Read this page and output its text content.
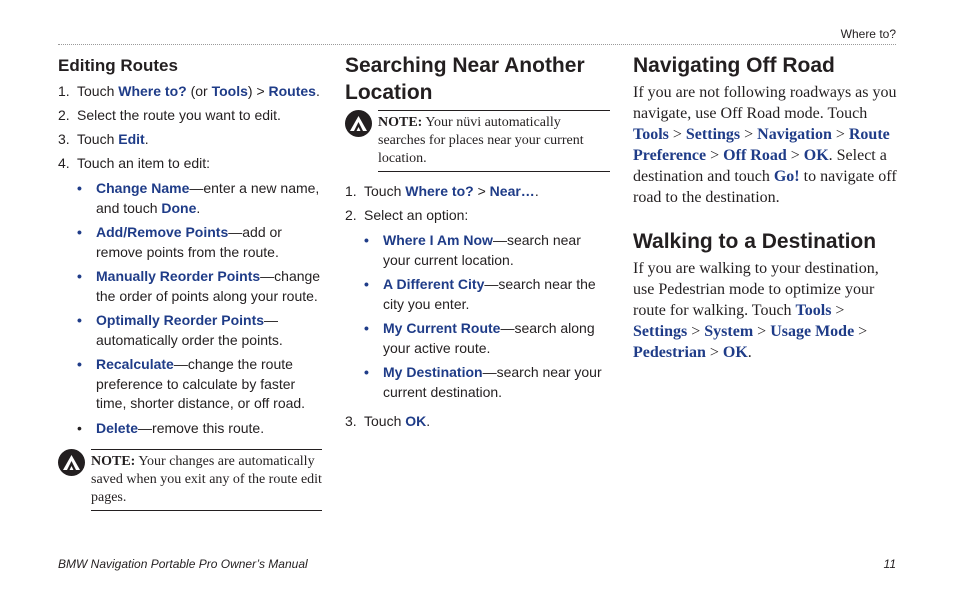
Where to?
Editing Routes
1. Touch Where to? (or Tools) > Routes.
2. Select the route you want to edit.
3. Touch Edit.
4. Touch an item to edit:
•	Change Name—enter a new name, and touch Done.
•	Add/Remove Points—add or remove points from the route.
•	Manually Reorder Points—change the order of points along your route.
•	Optimally Reorder Points—automatically order the points.
•	Recalculate—change the route preference to calculate by faster time, shorter distance, or off road.
•	Delete—remove this route.
NOTE: Your changes are automatically saved when you exit any of the route edit pages.
Searching Near Another Location
NOTE: Your nüvi automatically searches for places near your current location.
1. Touch Where to? > Near….
2. Select an option:
•	Where I Am Now—search near your current location.
•	A Different City—search near the city you enter.
•	My Current Route—search along your active route.
•	My Destination—search near your current destination.
3. Touch OK.
Navigating Off Road

If you are not following roadways as you navigate, use Off Road mode. Touch Tools > Settings > Navigation > Route Preference > Off Road > OK. Select a destination and touch Go! to navigate off road to the destination.

Walking to a Destination

If you are walking to your destination, use Pedestrian mode to optimize your route for walking. Touch Tools > Settings > System > Usage Mode > Pedestrian > OK.

BMW Navigation Portable Pro Owner’s Manual	11
